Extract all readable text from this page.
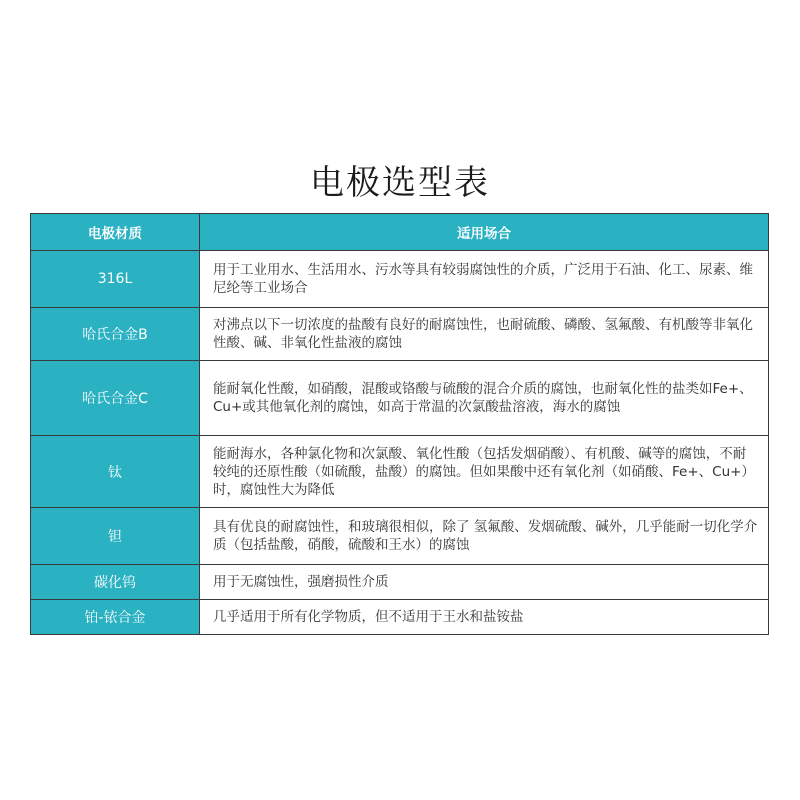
电极选型表
电极材质	适用场合
316L	用于工业用水、生活用水、污水等具有较弱腐蚀性的介质，广泛用于石油、化工、尿素、维尼纶等工业场合
哈氏合金B	对沸点以下一切浓度的盐酸有良好的耐腐蚀性，也耐硫酸、磷酸、氢氟酸、有机酸等非氧化性酸、碱、非氧化性盐液的腐蚀
哈氏合金C	能耐氧化性酸，如硝酸，混酸或铬酸与硫酸的混合介质的腐蚀，也耐氧化性的盐类如Fe+、Cu+或其他氧化剂的腐蚀，如高于常温的次氯酸盐溶液，海水的腐蚀
钛	能耐海水，各种氯化物和次氯酸、氧化性酸（包括发烟硝酸）、有机酸、碱等的腐蚀，不耐较纯的还原性酸（如硫酸，盐酸）的腐蚀。但如果酸中还有氧化剂（如硝酸、Fe+、Cu+）时，腐蚀性大为降低
钽	具有优良的耐腐蚀性，和玻璃很相似，除了 氢氟酸、发烟硫酸、碱外，几乎能耐一切化学介质（包括盐酸，硝酸，硫酸和王水）的腐蚀
碳化钨	用于无腐蚀性，强磨损性介质
铂-铱合金	几乎适用于所有化学物质，但不适用于王水和盐铵盐
